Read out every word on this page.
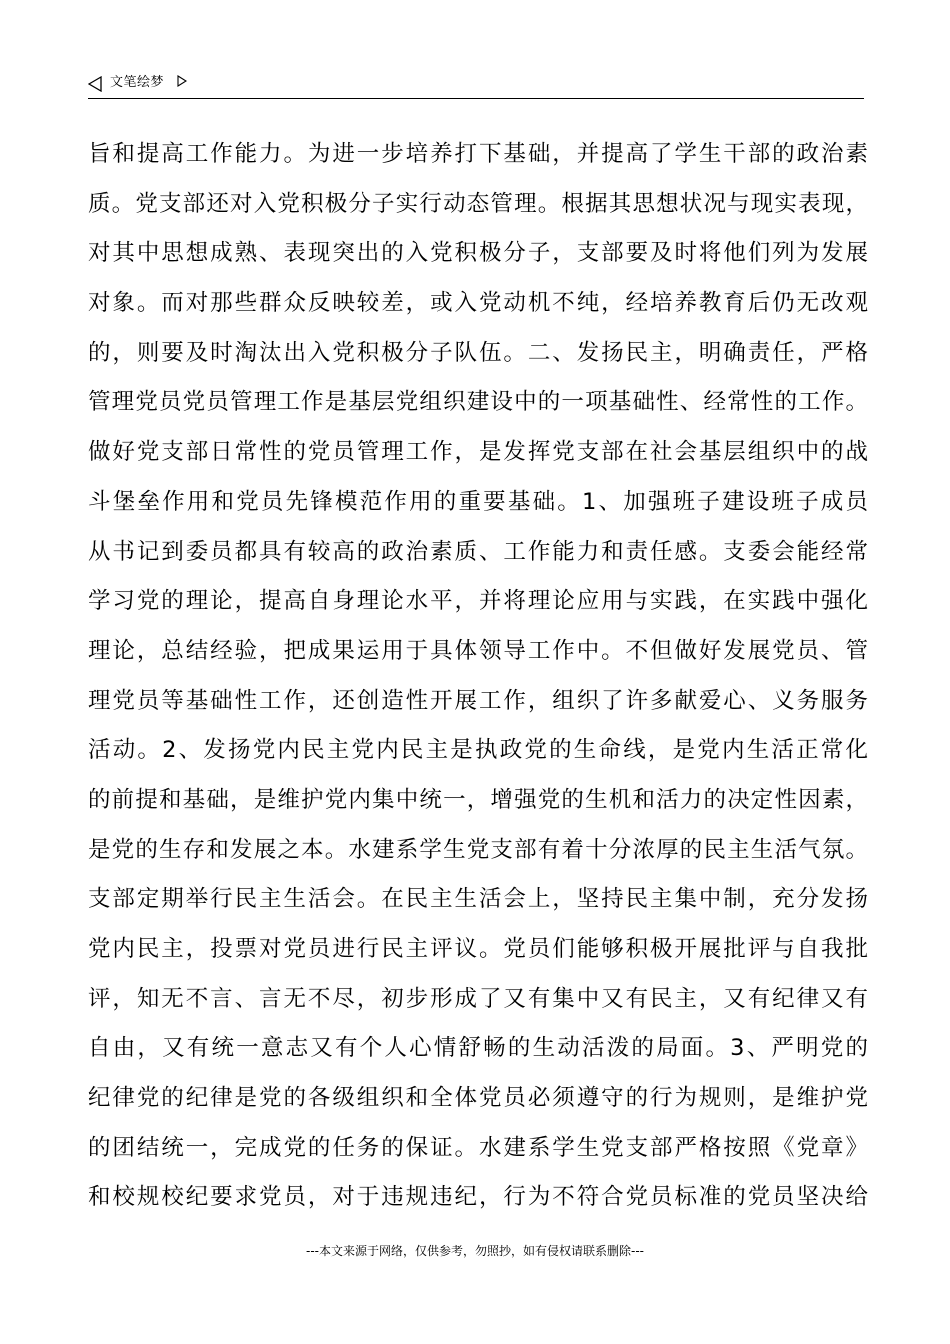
文笔绘梦
旨和提高工作能力。为进一步培养打下基础，并提高了学生干部的政治素
质。党支部还对入党积极分子实行动态管理。根据其思想状况与现实表现，
对其中思想成熟、表现突出的入党积极分子，支部要及时将他们列为发展
对象。而对那些群众反映较差，或入党动机不纯，经培养教育后仍无改观
的，则要及时淘汰出入党积极分子队伍。二、发扬民主，明确责任，严格
管理党员党员管理工作是基层党组织建设中的一项基础性、经常性的工作。
做好党支部日常性的党员管理工作，是发挥党支部在社会基层组织中的战
斗堡垒作用和党员先锋模范作用的重要基础。1、加强班子建设班子成员
从书记到委员都具有较高的政治素质、工作能力和责任感。支委会能经常
学习党的理论，提高自身理论水平，并将理论应用与实践，在实践中强化
理论，总结经验，把成果运用于具体领导工作中。不但做好发展党员、管
理党员等基础性工作，还创造性开展工作，组织了许多献爱心、义务服务
活动。2、发扬党内民主党内民主是执政党的生命线，是党内生活正常化
的前提和基础，是维护党内集中统一，增强党的生机和活力的决定性因素，
是党的生存和发展之本。水建系学生党支部有着十分浓厚的民主生活气氛。
支部定期举行民主生活会。在民主生活会上，坚持民主集中制，充分发扬
党内民主，投票对党员进行民主评议。党员们能够积极开展批评与自我批
评，知无不言、言无不尽，初步形成了又有集中又有民主，又有纪律又有
自由，又有统一意志又有个人心情舒畅的生动活泼的局面。3、严明党的
纪律党的纪律是党的各级组织和全体党员必须遵守的行为规则，是维护党
的团结统一，完成党的任务的保证。水建系学生党支部严格按照《党章》
和校规校纪要求党员，对于违规违纪，行为不符合党员标准的党员坚决给
---本文来源于网络，仅供参考，勿照抄，如有侵权请联系删除---
